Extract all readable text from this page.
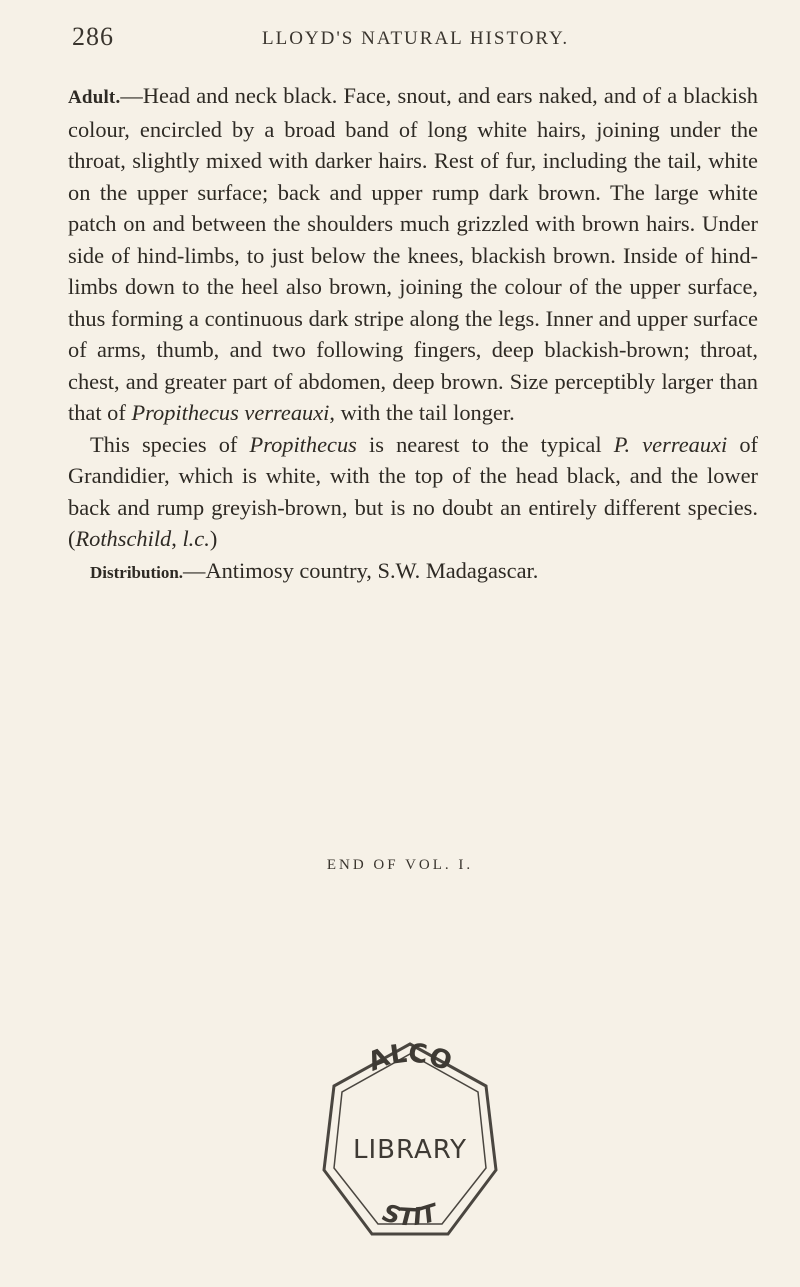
286	LLOYD'S NATURAL HISTORY.

Adult.—Head and neck black. Face, snout, and ears naked, and of a blackish colour, encircled by a broad band of long white hairs, joining under the throat, slightly mixed with darker hairs. Rest of fur, including the tail, white on the upper surface; back and upper rump dark brown. The large white patch on and between the shoulders much grizzled with brown hairs. Under side of hind-limbs, to just below the knees, blackish brown. Inside of hind-limbs down to the heel also brown, joining the colour of the upper surface, thus forming a continuous dark stripe along the legs. Inner and upper surface of arms, thumb, and two following fingers, deep blackish-brown; throat, chest, and greater part of abdomen, deep brown. Size perceptibly larger than that of Propithecus verreauxi, with the tail longer.

This species of Propithecus is nearest to the typical P. verreauxi of Grandidier, which is white, with the top of the head black, and the lower back and rump greyish-brown, but is no doubt an entirely different species. (Rothschild, l.c.)

Distribution.—Antimosy country, S.W. Madagascar.

END OF VOL. I.
ALCO
LIBRARY
STIT
